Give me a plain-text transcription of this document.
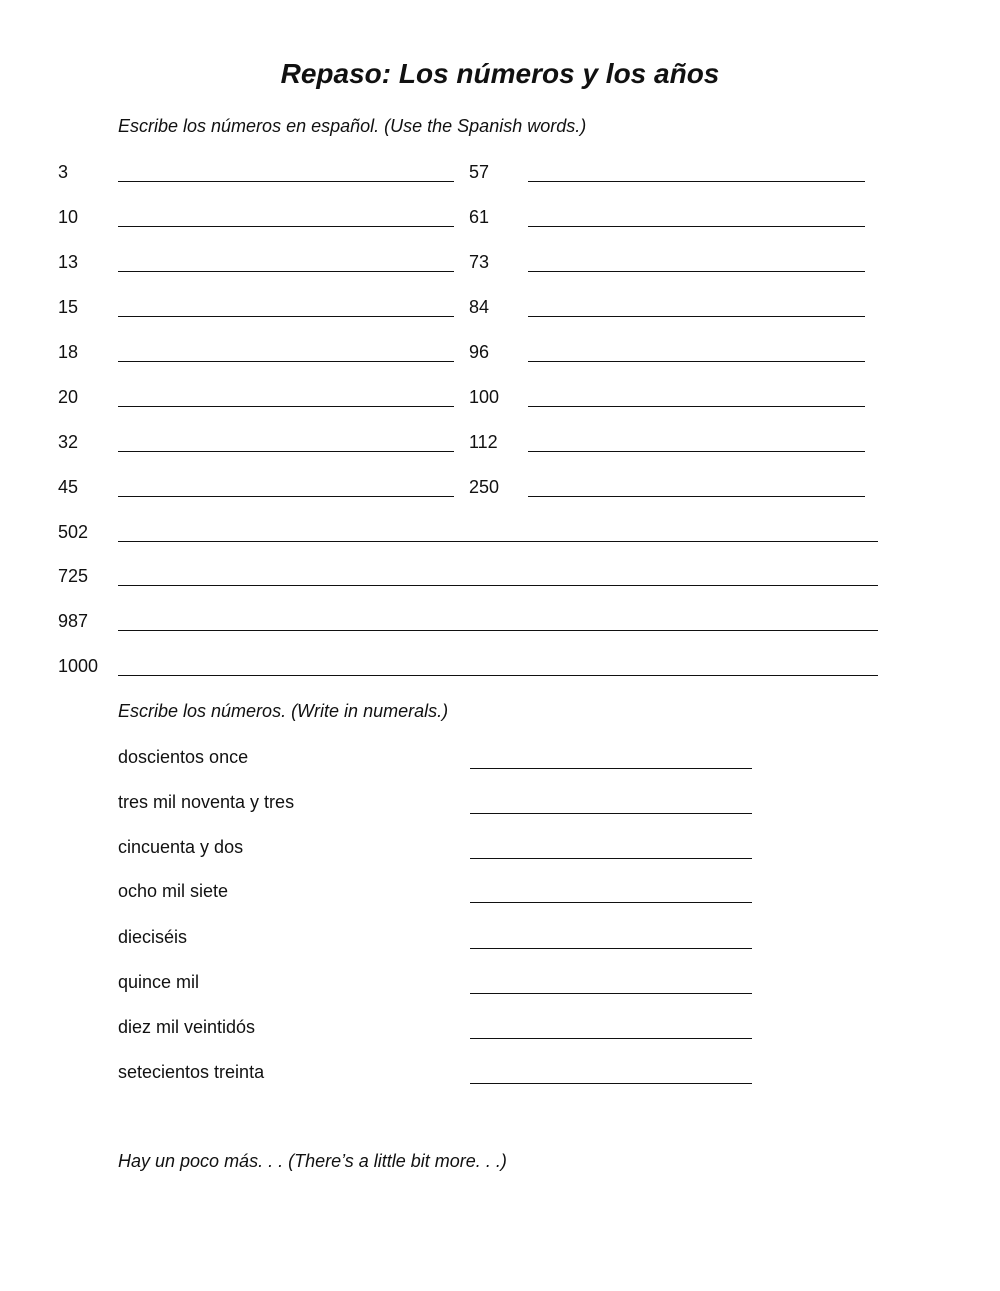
Repaso: Los números y los años

Escribe los números en español. (Use the Spanish words.)

3	57
10	61
13	73
15	84
18	96
20	100
32	112
45	250
502
725
987
1000

Escribe los números. (Write in numerals.)

doscientos once
tres mil noventa y tres
cincuenta y dos
ocho mil siete
dieciséis
quince mil
diez mil veintidós
setecientos treinta

Hay un poco más. . . (There’s a little bit more. . .)
